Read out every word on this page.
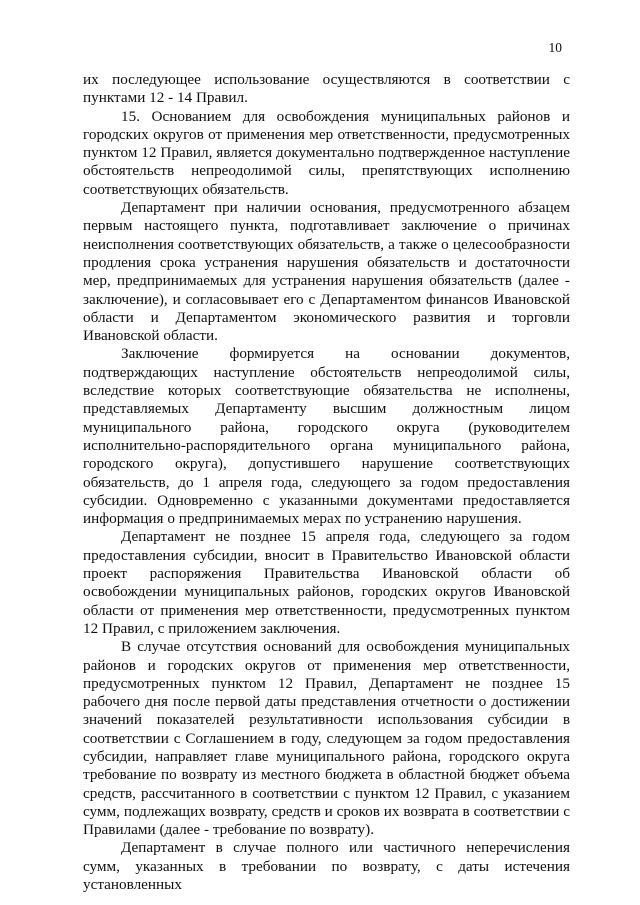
10

их последующее использование осуществляются в соответствии с пунктами 12 - 14 Правил.

15. Основанием для освобождения муниципальных районов и городских округов от применения мер ответственности, предусмотренных пунктом 12 Правил, является документально подтвержденное наступление обстоятельств непреодолимой силы, препятствующих исполнению соответствующих обязательств.

Департамент при наличии основания, предусмотренного абзацем первым настоящего пункта, подготавливает заключение о причинах неисполнения соответствующих обязательств, а также о целесообразности продления срока устранения нарушения обязательств и достаточности мер, предпринимаемых для устранения нарушения обязательств (далее - заключение), и согласовывает его с Департаментом финансов Ивановской области и Департаментом экономического развития и торговли Ивановской области.

Заключение формируется на основании документов, подтверждающих наступление обстоятельств непреодолимой силы, вследствие которых соответствующие обязательства не исполнены, представляемых Департаменту высшим должностным лицом муниципального района, городского округа (руководителем исполнительно-распорядительного органа муниципального района, городского округа), допустившего нарушение соответствующих обязательств, до 1 апреля года, следующего за годом предоставления субсидии. Одновременно с указанными документами предоставляется информация о предпринимаемых мерах по устранению нарушения.

Департамент не позднее 15 апреля года, следующего за годом предоставления субсидии, вносит в Правительство Ивановской области проект распоряжения Правительства Ивановской области об освобождении муниципальных районов, городских округов Ивановской области от применения мер ответственности, предусмотренных пунктом 12 Правил, с приложением заключения.

В случае отсутствия оснований для освобождения муниципальных районов и городских округов от применения мер ответственности, предусмотренных пунктом 12 Правил, Департамент не позднее 15 рабочего дня после первой даты представления отчетности о достижении значений показателей результативности использования субсидии в соответствии с Соглашением в году, следующем за годом предоставления субсидии, направляет главе муниципального района, городского округа требование по возврату из местного бюджета в областной бюджет объема средств, рассчитанного в соответствии с пунктом 12 Правил, с указанием сумм, подлежащих возврату, средств и сроков их возврата в соответствии с Правилами (далее - требование по возврату).

Департамент в случае полного или частичного неперечисления сумм, указанных в требовании по возврату, с даты истечения установленных
